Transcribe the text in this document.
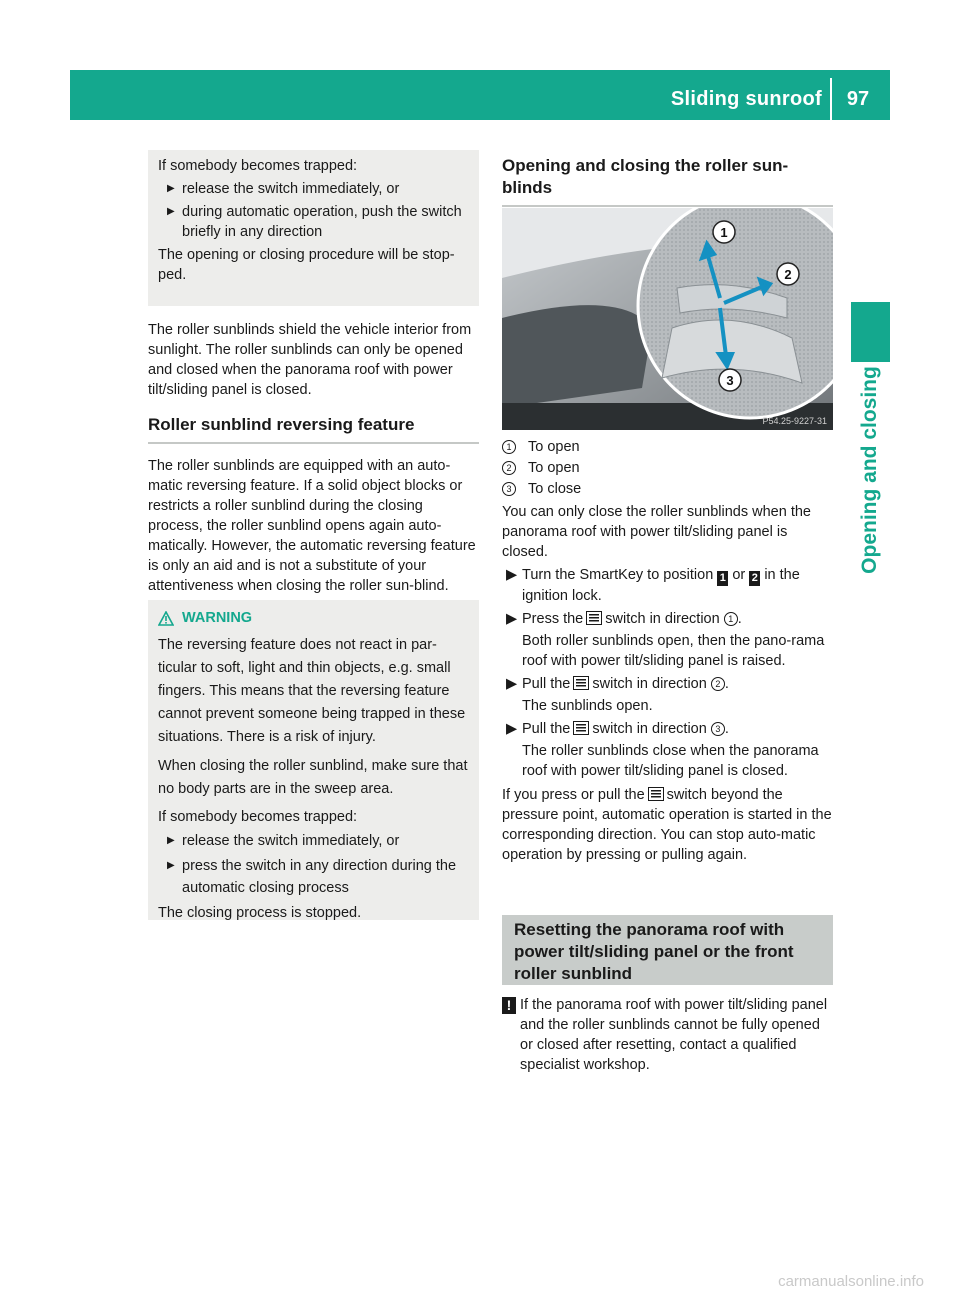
Sliding sunroof	97
Opening and closing

If somebody becomes trapped:

▶ release the switch immediately, or

▶ during automatic operation, push the switch briefly in any direction

The opening or closing procedure will be stop-ped.

The roller sunblinds shield the vehicle interior from sunlight. The roller sunblinds can only be opened and closed when the panorama roof with power tilt/sliding panel is closed.

Roller sunblind reversing feature

The roller sunblinds are equipped with an auto-matic reversing feature. If a solid object blocks or restricts a roller sunblind during the closing process, the roller sunblind opens again auto-matically. However, the automatic reversing feature is only an aid and is not a substitute of your attentiveness when closing the roller sun-blind.

WARNING

The reversing feature does not react in par-ticular to soft, light and thin objects, e.g. small fingers. This means that the reversing feature cannot prevent someone being trapped in these situations. There is a risk of injury.

When closing the roller sunblind, make sure that no body parts are in the sweep area.

If somebody becomes trapped:

▶ release the switch immediately, or

▶ press the switch in any direction during the automatic closing process

The closing process is stopped.

Opening and closing the roller sun-
blinds
1
2
3
P54.25-9227-31
1	To open
2	To open
3	To close

You can only close the roller sunblinds when the panorama roof with power tilt/sliding panel is closed.

▶ Turn the SmartKey to position 1 or 2 in the ignition lock.

▶ Press the switch in direction 1 .

Both roller sunblinds open, then the pano-rama roof with power tilt/sliding panel is raised.

▶ Pull the switch in direction 2 .

The sunblinds open.

▶ Pull the switch in direction 3 .

The roller sunblinds close when the panorama roof with power tilt/sliding panel is closed.

If you press or pull the switch beyond the pressure point, automatic operation is started in the corresponding direction. You can stop auto-matic operation by pressing or pulling again.

Resetting the panorama roof with
power tilt/sliding panel or the front
roller sunblind

! If the panorama roof with power tilt/sliding panel and the roller sunblinds cannot be fully opened or closed after resetting, contact a qualified specialist workshop.

carmanualsonline.info
